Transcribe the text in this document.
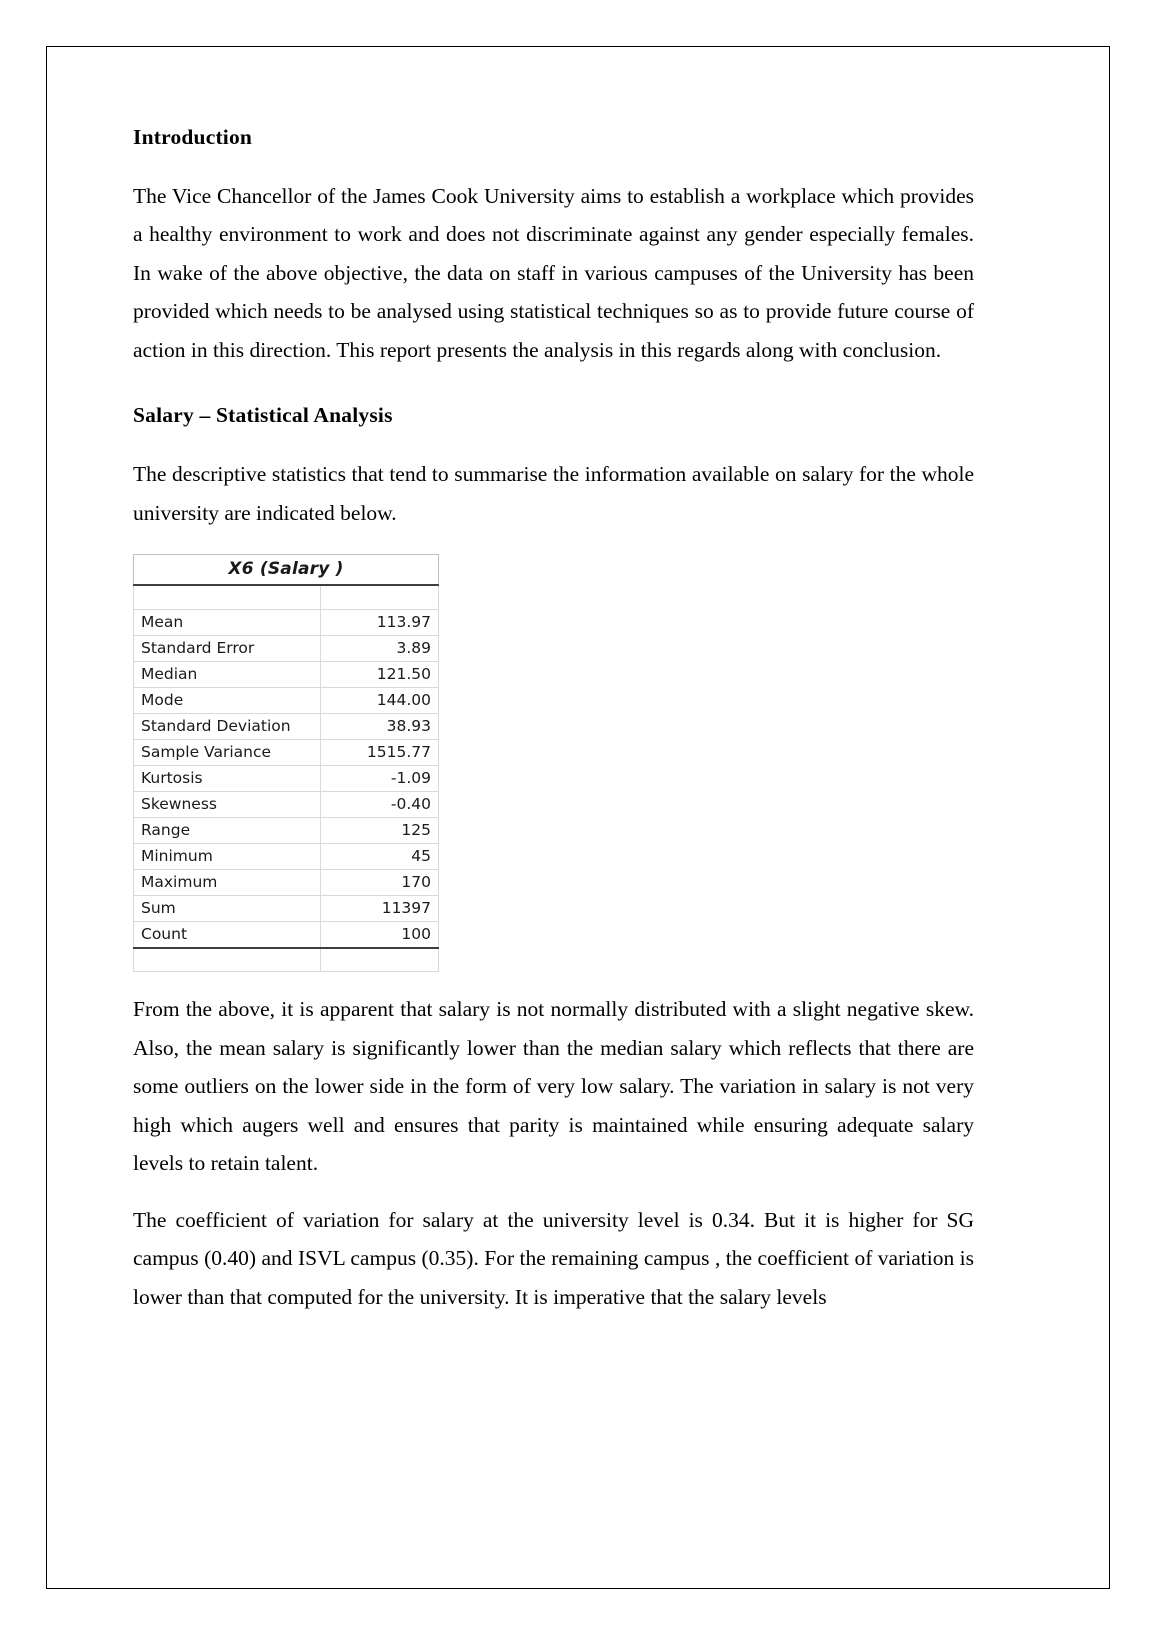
Introduction

The Vice Chancellor of the James Cook University aims to establish a workplace which provides a healthy environment to work and does not discriminate against any gender especially females. In wake of the above objective, the data on staff in various campuses of the University has been provided which needs to be analysed using statistical techniques so as to provide future course of action in this direction. This report presents the analysis in this regards along with conclusion.

Salary – Statistical Analysis

The descriptive statistics that tend to summarise the information available on salary for the whole university are indicated below.

X6 (Salary )	

Mean	113.97
Standard Error	3.89
Median	121.50
Mode	144.00
Standard Deviation	38.93
Sample Variance	1515.77
Kurtosis	-1.09
Skewness	-0.40
Range	125
Minimum	45
Maximum	170
Sum	11397
Count	100

From the above, it is apparent that salary is not normally distributed with a slight negative skew. Also, the mean salary is significantly lower than the median salary which reflects that there are some outliers on the lower side in the form of very low salary. The variation in salary is not very high which augers well and ensures that parity is maintained while ensuring adequate salary levels to retain talent.

The coefficient of variation for salary at the university level is 0.34. But it is higher for SG campus (0.40) and ISVL campus (0.35). For the remaining campus , the coefficient of variation is lower than that computed for the university. It is imperative that the salary levels
